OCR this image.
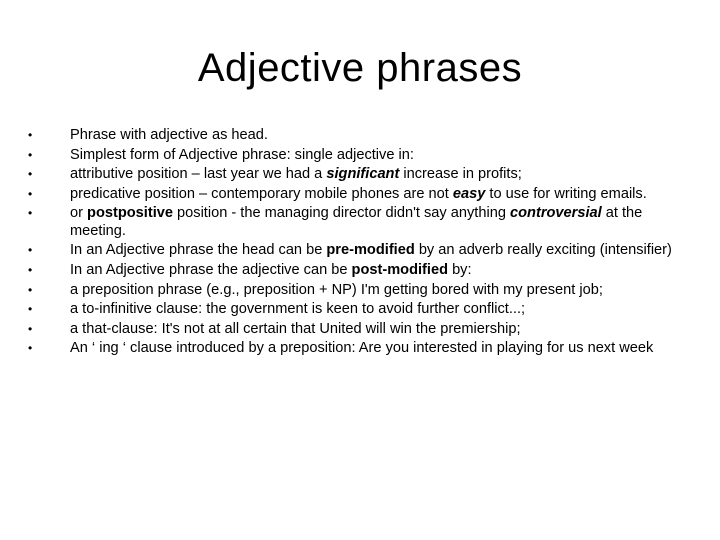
Adjective phrases
•	Phrase with adjective as head.
•	Simplest form of Adjective phrase: single adjective in:
•	attributive position – last year we had a significant increase in profits;
•	predicative position – contemporary mobile phones are not easy to use for writing emails.
•	or postpositive position - the managing director didn't say anything controversial at the meeting.
•	In an Adjective phrase the head can be pre-modified by an adverb really exciting (intensifier)
•	In an Adjective phrase the adjective can be post-modified by:
•	a preposition phrase (e.g., preposition + NP) I'm getting bored with my present job;
•	a to-infinitive clause: the government is keen to avoid further conflict...;
•	a that-clause: It's not at all certain that United will win the premiership;
•	An ‘ ing ‘ clause introduced by a preposition: Are you interested in playing for us next week
